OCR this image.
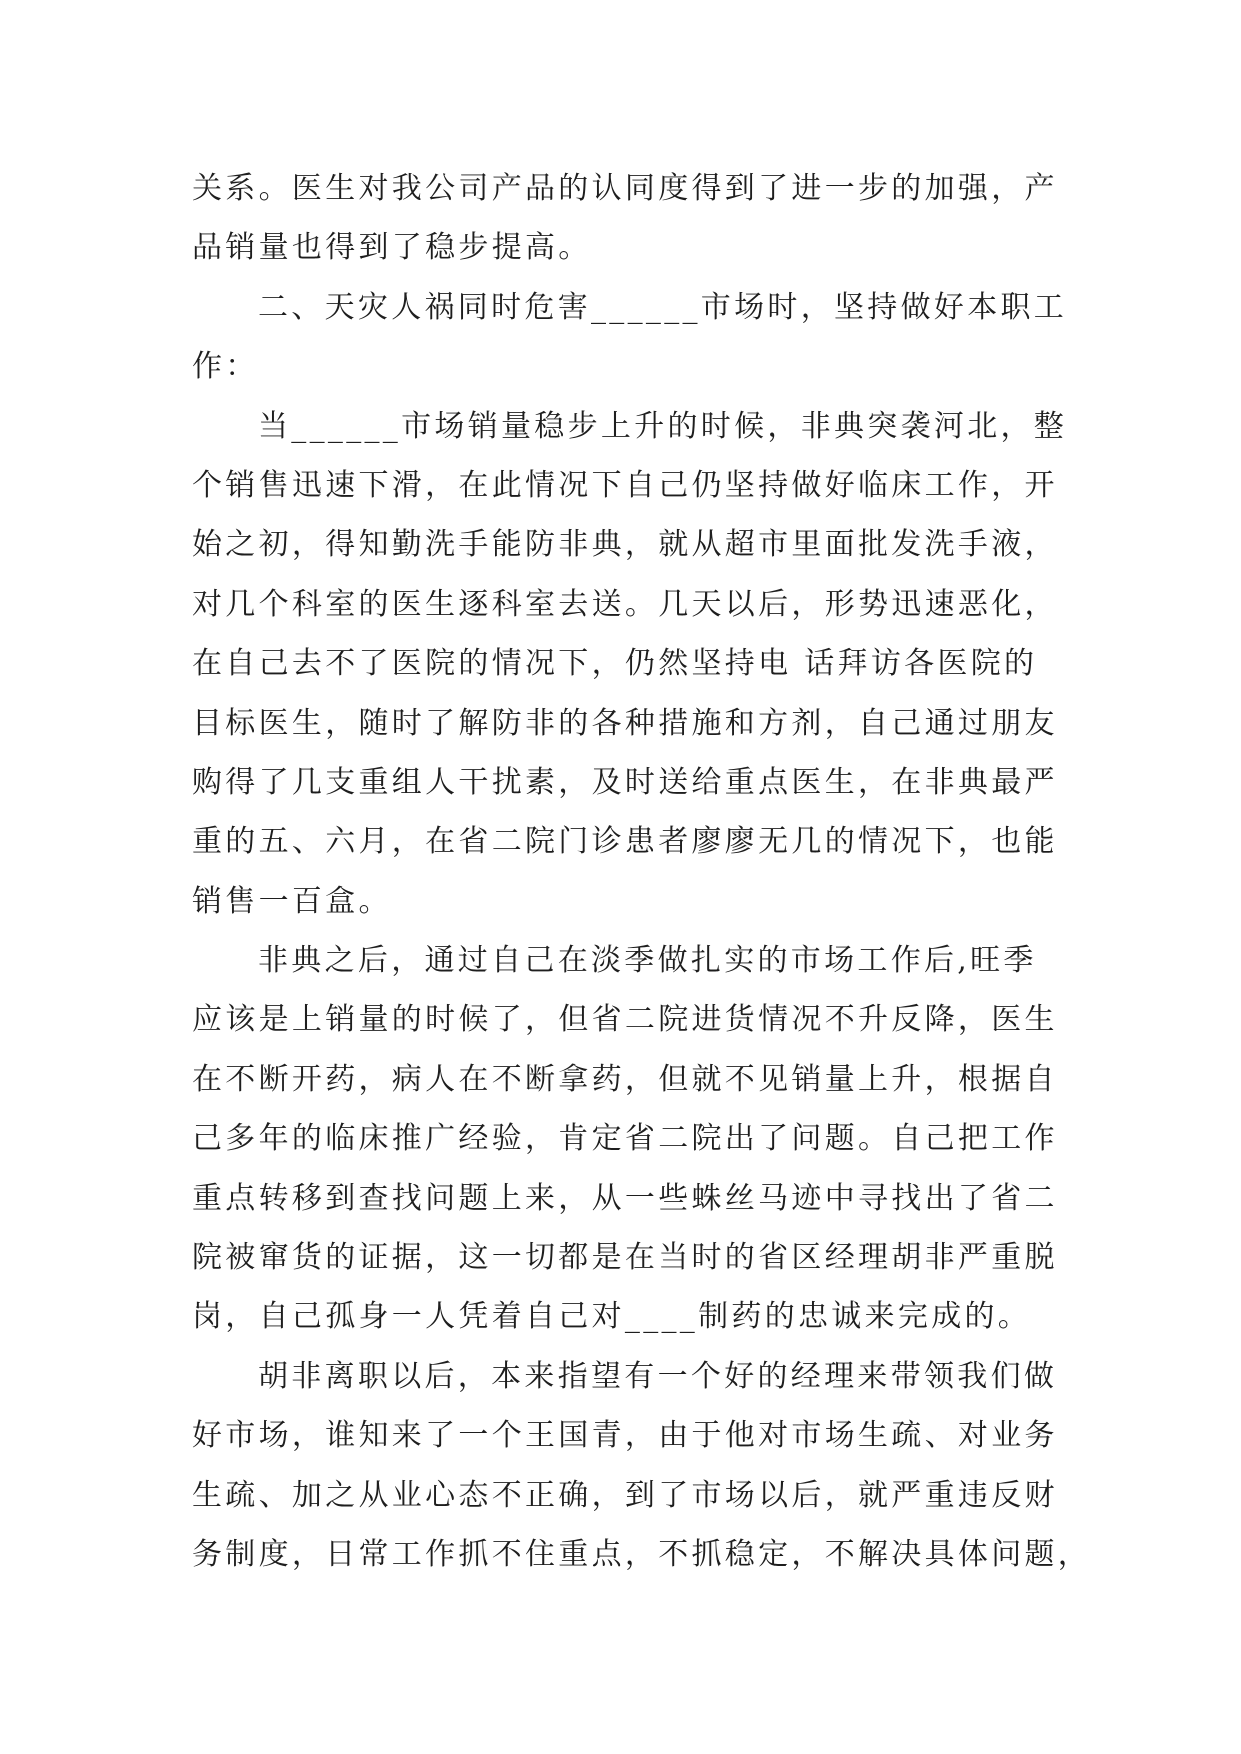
关系。医生对我公司产品的认同度得到了进一步的加强，产
品销量也得到了稳步提高。
二、天灾人祸同时危害______市场时，坚持做好本职工
作：
当______市场销量稳步上升的时候，非典突袭河北，整
个销售迅速下滑，在此情况下自己仍坚持做好临床工作，开
始之初，得知勤洗手能防非典，就从超市里面批发洗手液，
对几个科室的医生逐科室去送。几天以后，形势迅速恶化，
在自己去不了医院的情况下，仍然坚持电 话拜访各医院的
目标医生，随时了解防非的各种措施和方剂，自己通过朋友
购得了几支重组人干扰素，及时送给重点医生，在非典最严
重的五、六月，在省二院门诊患者廖廖无几的情况下，也能
销售一百盒。
非典之后，通过自己在淡季做扎实的市场工作后,旺季
应该是上销量的时候了，但省二院进货情况不升反降，医生
在不断开药，病人在不断拿药，但就不见销量上升，根据自
己多年的临床推广经验，肯定省二院出了问题。自己把工作
重点转移到查找问题上来，从一些蛛丝马迹中寻找出了省二
院被窜货的证据，这一切都是在当时的省区经理胡非严重脱
岗，自己孤身一人凭着自己对____制药的忠诚来完成的。
胡非离职以后，本来指望有一个好的经理来带领我们做
好市场，谁知来了一个王国青，由于他对市场生疏、对业务
生疏、加之从业心态不正确，到了市场以后，就严重违反财
务制度，日常工作抓不住重点，不抓稳定，不解决具体问题，
